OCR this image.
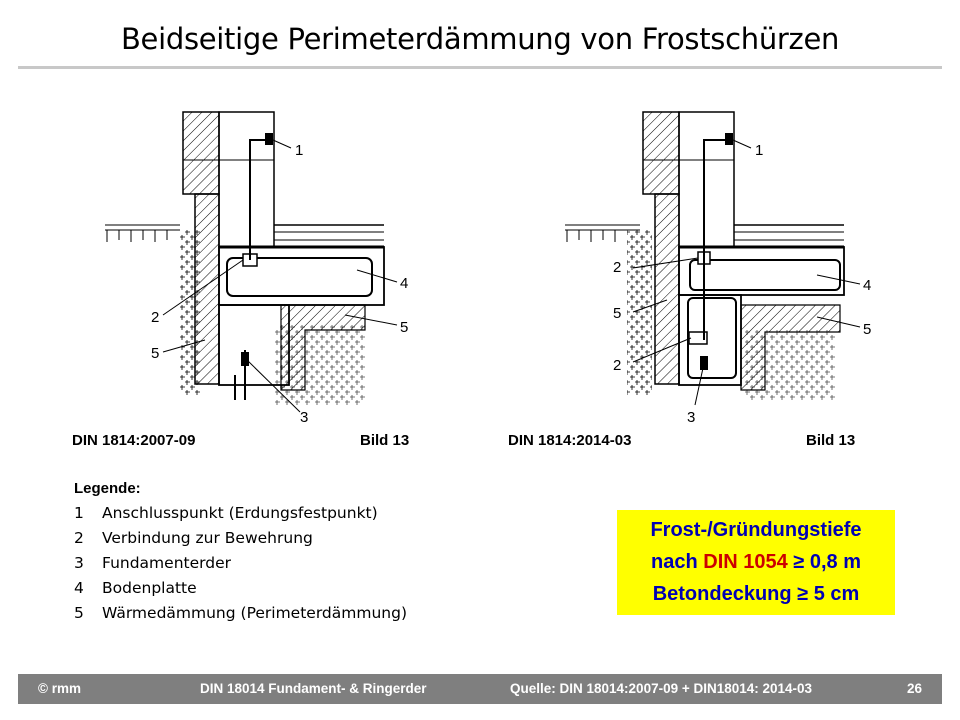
Beidseitige Perimeterdämmung von Frostschürzen
1
2
3
4
5
5
1
2
5
2
3
4
5
DIN 1814:2007-09	Bild 13	DIN 1814:2014-03	Bild 13
Legende:
1 Anschlusspunkt (Erdungsfestpunkt)
2 Verbindung zur Bewehrung
3 Fundamenterder
4 Bodenplatte
5 Wärmedämmung (Perimeterdämmung)
Frost-/Gründungstiefe
nach DIN 1054 ≥ 0,8 m
Betondeckung ≥ 5 cm
© rmm	DIN 18014 Fundament- & Ringerder	Quelle: DIN 18014:2007-09 + DIN18014: 2014-03	26
